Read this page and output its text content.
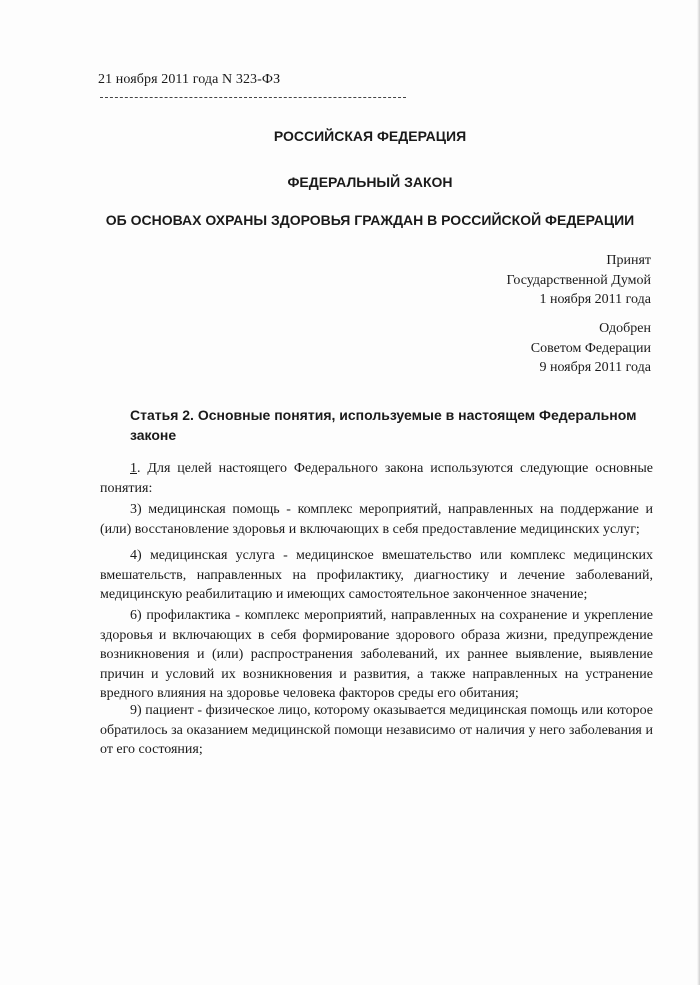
21 ноября 2011 года N 323-ФЗ
РОССИЙСКАЯ ФЕДЕРАЦИЯ
ФЕДЕРАЛЬНЫЙ ЗАКОН
ОБ ОСНОВАХ ОХРАНЫ ЗДОРОВЬЯ ГРАЖДАН В РОССИЙСКОЙ ФЕДЕРАЦИИ
Принят
Государственной Думой
1 ноября 2011 года
Одобрен
Советом Федерации
9 ноября 2011 года
Статья 2. Основные понятия, используемые в настоящем Федеральном законе
1. Для целей настоящего Федерального закона используются следующие основные понятия:
3) медицинская помощь - комплекс мероприятий, направленных на поддержание и (или) восстановление здоровья и включающих в себя предоставление медицинских услуг;
4) медицинская услуга - медицинское вмешательство или комплекс медицинских вмешательств, направленных на профилактику, диагностику и лечение заболеваний, медицинскую реабилитацию и имеющих самостоятельное законченное значение;
6) профилактика - комплекс мероприятий, направленных на сохранение и укрепление здоровья и включающих в себя формирование здорового образа жизни, предупреждение возникновения и (или) распространения заболеваний, их раннее выявление, выявление причин и условий их возникновения и развития, а также направленных на устранение вредного влияния на здоровье человека факторов среды его обитания;
9) пациент - физическое лицо, которому оказывается медицинская помощь или которое обратилось за оказанием медицинской помощи независимо от наличия у него заболевания и от его состояния;
